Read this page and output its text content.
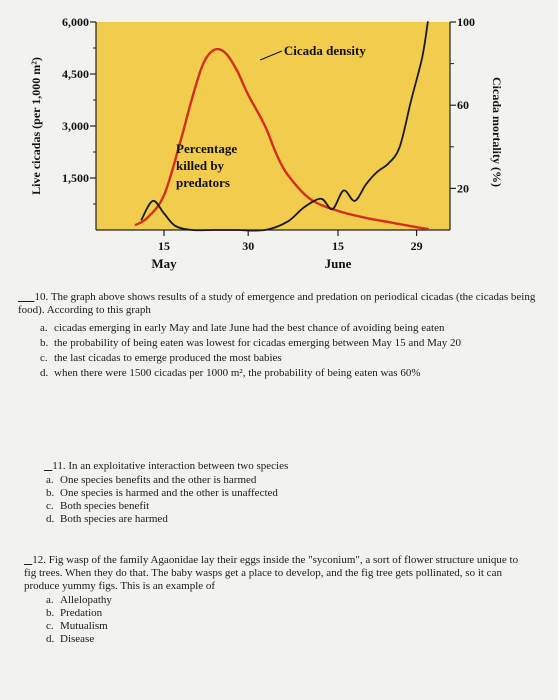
6,000
4,500
3,000
1,500
100
60
20
Live cicadas (per 1,000 m²)	Cicada mortality (%)
15	30	15	29
May	June
Cicada density
Percentage
killed by
predators

10. The graph above shows results of a study of emergence and predation on periodical cicadas (the cicadas being food). According to this graph

a. cicadas emerging in early May and late June had the best chance of avoiding being eaten
b. the probability of being eaten was lowest for cicadas emerging between May 15 and May 20
c. the last cicadas to emerge produced the most babies
d. when there were 1500 cicadas per 1000 m², the probability of being eaten was 60%

11. In an exploitative interaction between two species

a. One species benefits and the other is harmed
b. One species is harmed and the other is unaffected
c. Both species benefit
d. Both species are harmed

12. Fig wasp of the family Agaonidae lay their eggs inside the "syconium", a sort of flower structure unique to fig trees. When they do that. The baby wasps get a place to develop, and the fig tree gets pollinated, so it can produce yummy figs. This is an example of

a. Allelopathy
b. Predation
c. Mutualism
d. Disease
